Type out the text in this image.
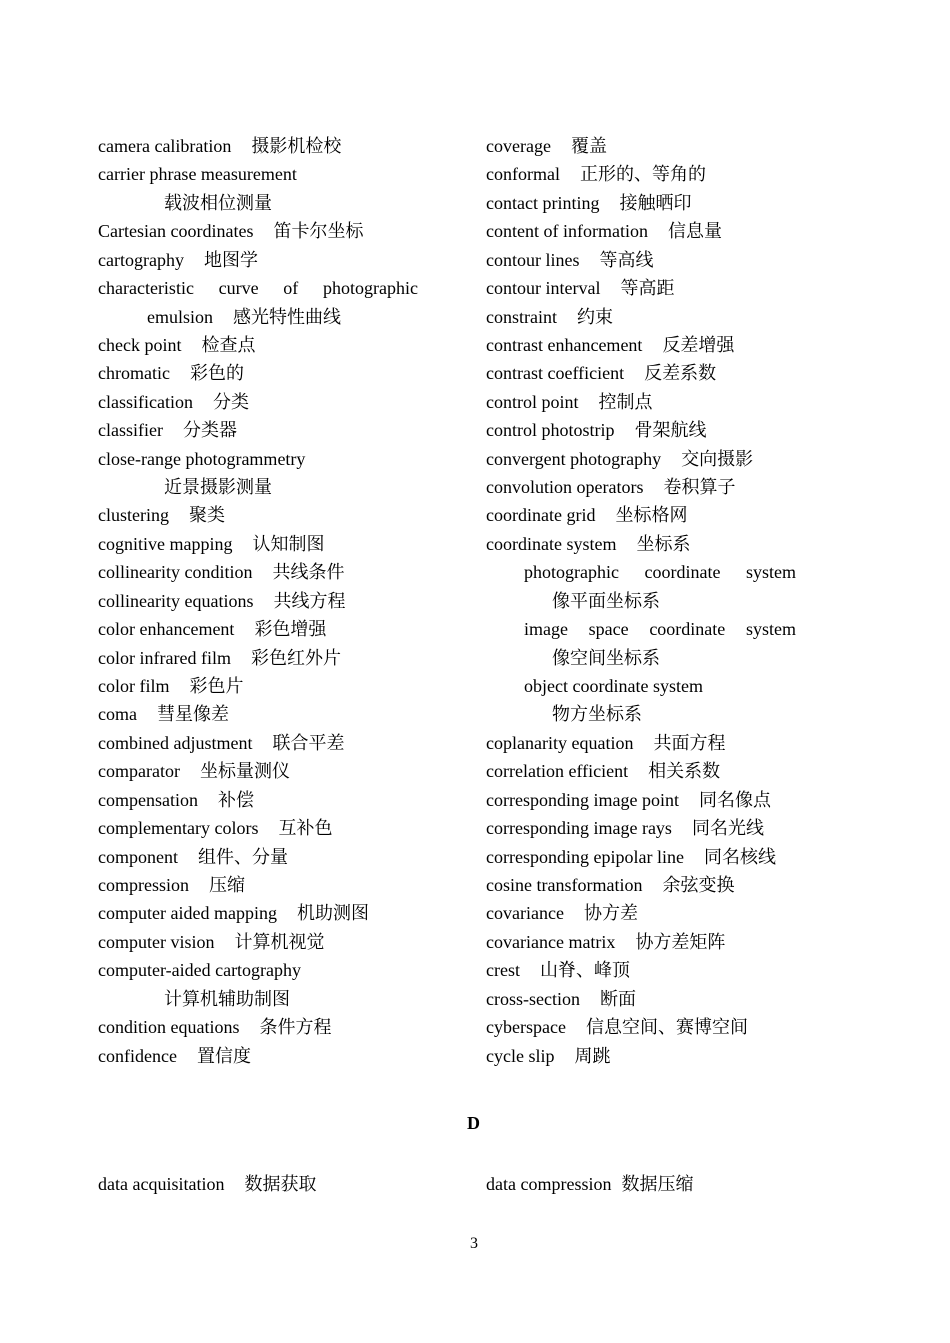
camera calibration 摄影机检校
carrier phrase measurement
载波相位测量
Cartesian coordinates 笛卡尔坐标
cartography 地图学
characteristic curve of photographic
emulsion 感光特性曲线
check point 检查点
chromatic 彩色的
classification 分类
classifier 分类器
close-range photogrammetry
近景摄影测量
clustering 聚类
cognitive mapping 认知制图
collinearity condition 共线条件
collinearity equations 共线方程
color enhancement 彩色增强
color infrared film 彩色红外片
color film 彩色片
coma 彗星像差
combined adjustment 联合平差
comparator 坐标量测仪
compensation 补偿
complementary colors 互补色
component 组件、分量
compression 压缩
computer aided mapping 机助测图
computer vision 计算机视觉
computer-aided cartography
计算机辅助制图
condition equations 条件方程
confidence 置信度
coverage 覆盖
conformal 正形的、等角的
contact printing 接触晒印
content of information 信息量
contour lines 等高线
contour interval 等高距
constraint 约束
contrast enhancement 反差增强
contrast coefficient 反差系数
control point 控制点
control photostrip 骨架航线
convergent photography 交向摄影
convolution operators 卷积算子
coordinate grid 坐标格网
coordinate system 坐标系
photographic coordinate system
像平面坐标系
image space coordinate system
像空间坐标系
object coordinate system
物方坐标系
coplanarity equation 共面方程
correlation efficient 相关系数
corresponding image point 同名像点
corresponding image rays 同名光线
corresponding epipolar line 同名核线
cosine transformation 余弦变换
covariance 协方差
covariance matrix 协方差矩阵
crest 山脊、峰顶
cross-section 断面
cyberspace 信息空间、赛博空间
cycle slip 周跳
D
data acquisitation 数据获取	data compression 数据压缩
3
